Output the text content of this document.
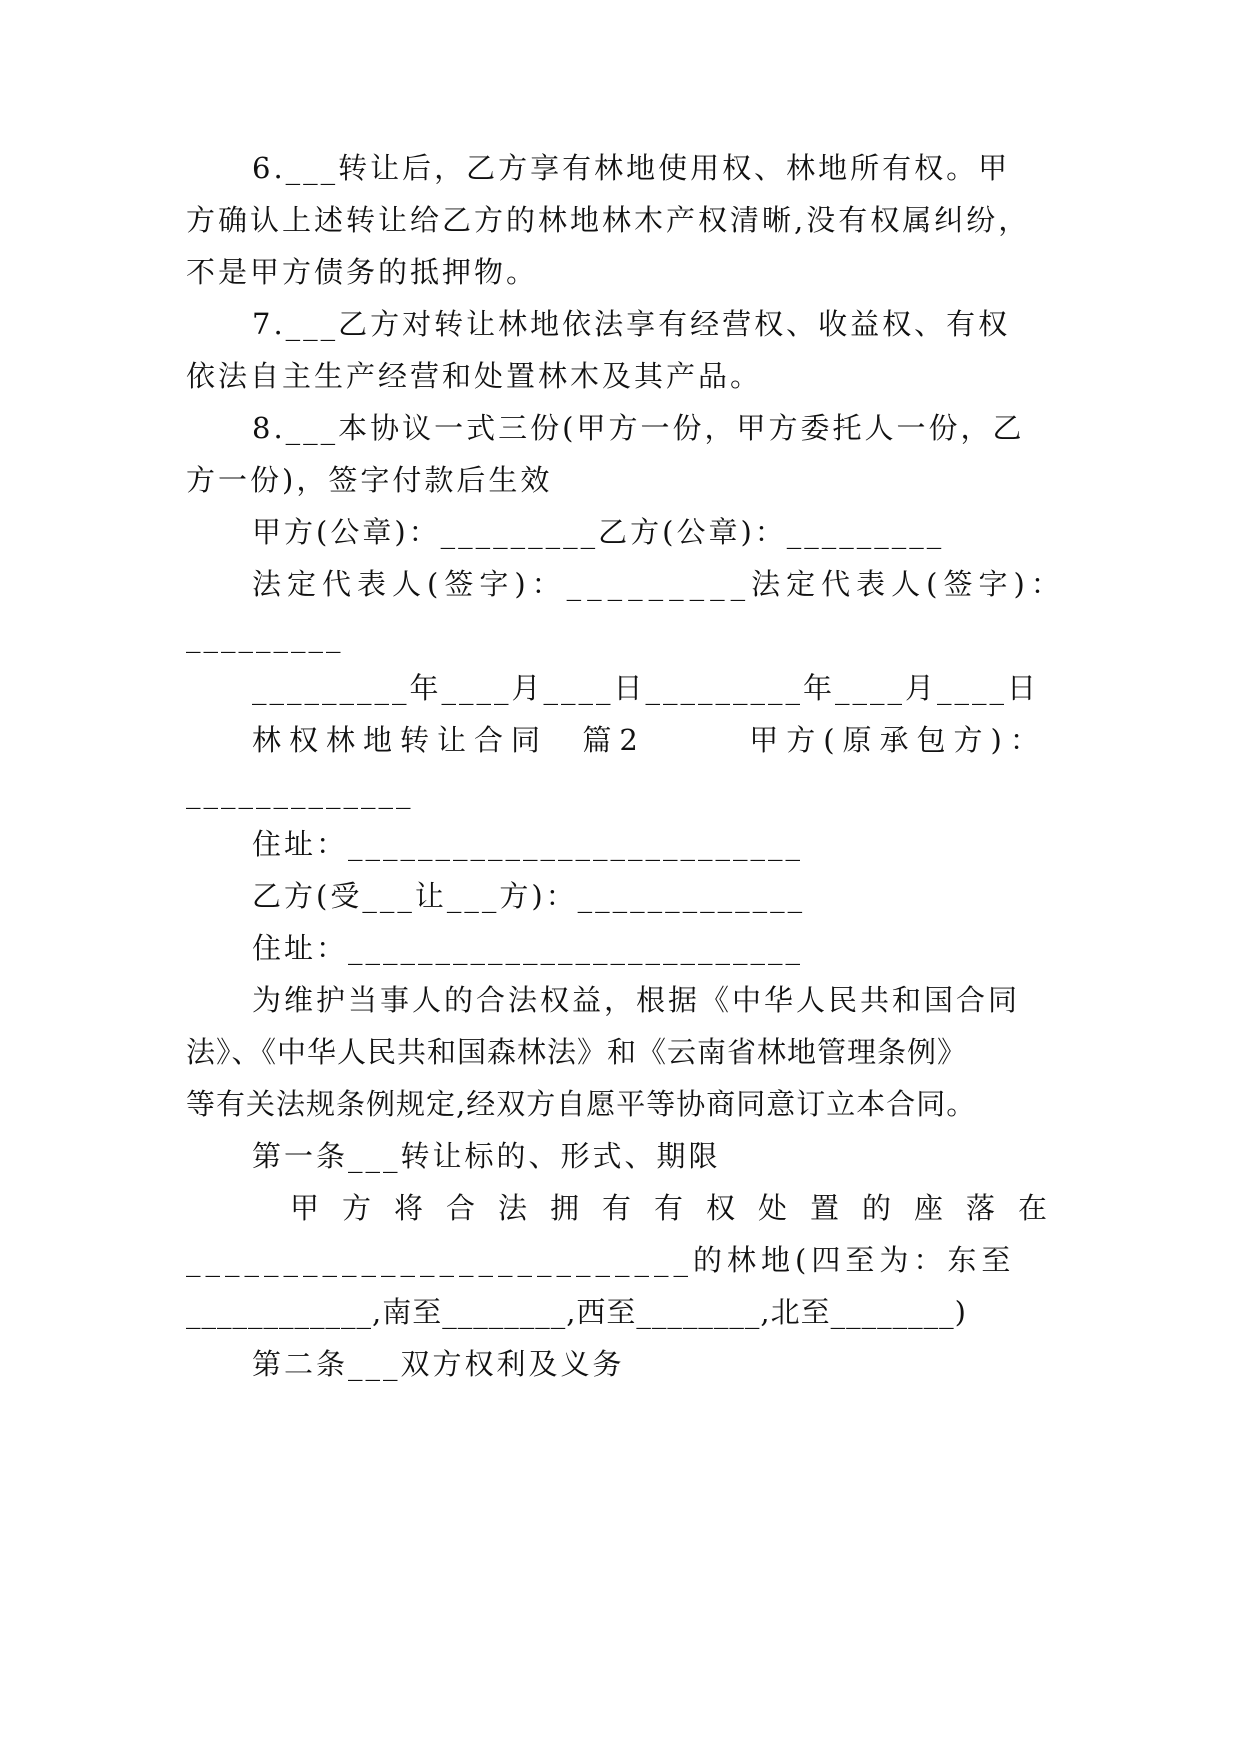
6.___转让后，乙方享有林地使用权、林地所有权。甲
方确认上述转让给乙方的林地林木产权清晰,没有权属纠纷，
不是甲方债务的抵押物。
7.___乙方对转让林地依法享有经营权、收益权、有权
依法自主生产经营和处置林木及其产品。
8.___本协议一式三份(甲方一份，甲方委托人一份，乙
方一份)，签字付款后生效
甲方(公章)：_________乙方(公章)：_________
法定代表人(签字)：_________法定代表人(签字)：
_________
_________年____月____日_________年____月____日
林权林地转让合同  篇2      甲方(原承包方)：
_____________
住址：__________________________
乙方(受___让___方)：_____________
住址：__________________________
为维护当事人的合法权益，根据《中华人民共和国合同
法》、《中华人民共和国森林法》和《云南省林地管理条例》
等有关法规条例规定,经双方自愿平等协商同意订立本合同。
第一条___转让标的、形式、期限
甲方将合法拥有有权处置的座落在
__________________________的林地(四至为：东至
____________,南至________,西至________,北至________)
第二条___双方权利及义务
